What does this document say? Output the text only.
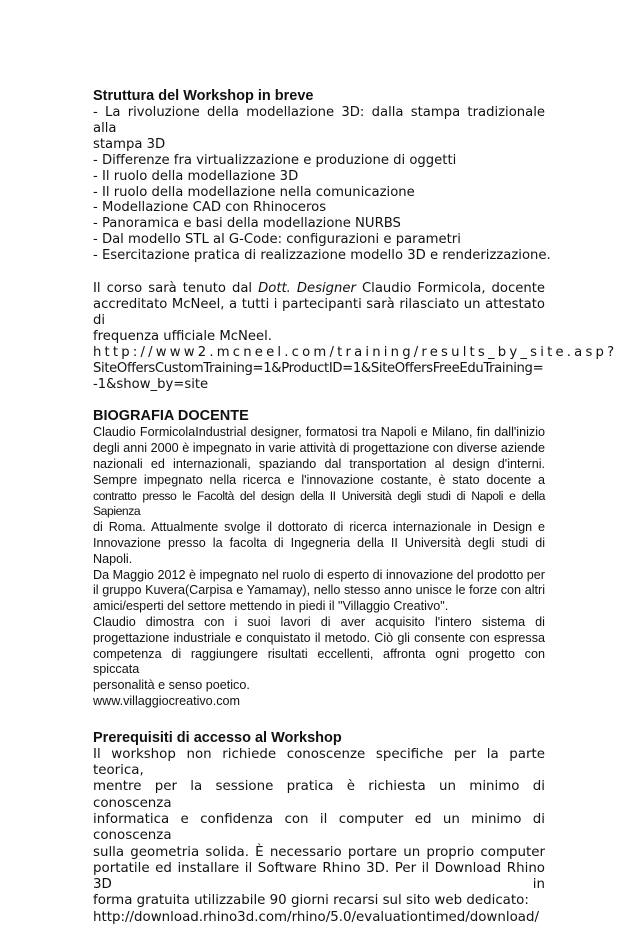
Struttura del Workshop in breve
- La rivoluzione della modellazione 3D: dalla stampa tradizionale alla
stampa 3D
- Differenze fra virtualizzazione e produzione di oggetti
- Il ruolo della modellazione 3D
- Il ruolo della modellazione nella comunicazione
- Modellazione CAD con Rhinoceros
- Panoramica e basi della modellazione NURBS
- Dal modello STL al G-Code: configurazioni e parametri
- Esercitazione pratica di realizzazione modello 3D e renderizzazione.
Il corso sarà tenuto dal Dott. Designer Claudio Formicola, docente
accreditato McNeel, a tutti i partecipanti sarà rilasciato un attestato di
frequenza ufficiale McNeel.
http://www2.mcneel.com/training/results_by_site.asp?
SiteOffersCustomTraining=1&ProductID=1&SiteOffersFreeEduTraining=
-1&show_by=site
BIOGRAFIA DOCENTE
Claudio FormicolaIndustrial designer, formatosi tra Napoli e Milano, fin dall'inizio
degli anni 2000 è impegnato in varie attività di progettazione con diverse aziende
nazionali ed internazionali, spaziando dal transportation al design d'interni.
Sempre impegnato nella ricerca e l'innovazione costante, è stato docente a
contratto presso le Facoltà del design della II Università degli studi di Napoli e della Sapienza
di Roma. Attualmente svolge il dottorato di ricerca internazionale in Design e
Innovazione presso la facolta di Ingegneria della II Università degli studi di Napoli.
Da Maggio 2012 è impegnato nel ruolo di esperto di innovazione del prodotto per
il gruppo Kuvera(Carpisa e Yamamay), nello stesso anno unisce le forze con altri
amici/esperti del settore mettendo in piedi il "Villaggio Creativo".
Claudio dimostra con i suoi lavori di aver acquisito l'intero sistema di
progettazione industriale e conquistato il metodo. Ciò gli consente con espressa
competenza di raggiungere risultati eccellenti, affronta ogni progetto con spiccata
personalità e senso poetico.
www.villaggiocreativo.com
Prerequisiti di accesso al Workshop
Il workshop non richiede conoscenze specifiche per la parte teorica,
mentre per la sessione pratica è richiesta un minimo di conoscenza
informatica e confidenza con il computer ed un minimo di conoscenza
sulla geometria solida. È necessario portare un proprio computer
portatile ed installare il Software Rhino 3D. Per il Download Rhino 3D in
forma gratuita utilizzabile 90 giorni recarsi sul sito web dedicato:
http://download.rhino3d.com/rhino/5.0/evaluationtimed/download/
